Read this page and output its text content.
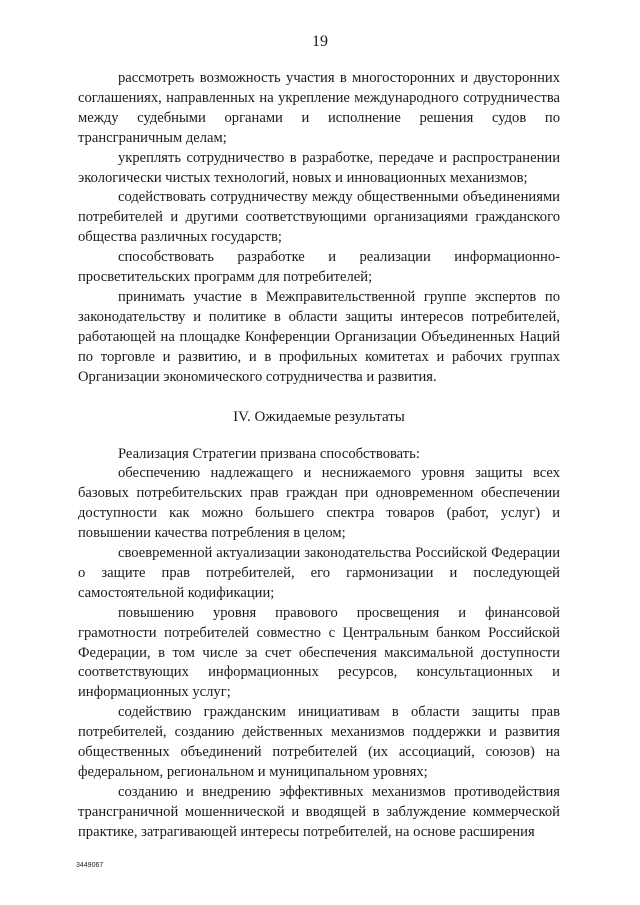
19

рассмотреть возможность участия в многосторонних и двусторонних соглашениях, направленных на укрепление международного сотрудничества между судебными органами и исполнение решения судов по трансграничным делам;

укреплять сотрудничество в разработке, передаче и распространении экологически чистых технологий, новых и инновационных механизмов;

содействовать сотрудничеству между общественными объединениями потребителей и другими соответствующими организациями гражданского общества различных государств;

способствовать разработке и реализации информационно-просветительских программ для потребителей;

принимать участие в Межправительственной группе экспертов по законодательству и политике в области защиты интересов потребителей, работающей на площадке Конференции Организации Объединенных Наций по торговле и развитию, и в профильных комитетах и рабочих группах Организации экономического сотрудничества и развития.

IV. Ожидаемые результаты

Реализация Стратегии призвана способствовать:

обеспечению надлежащего и неснижаемого уровня защиты всех базовых потребительских прав граждан при одновременном обеспечении доступности как можно большего спектра товаров (работ, услуг) и повышении качества потребления в целом;

своевременной актуализации законодательства Российской Федерации о защите прав потребителей, его гармонизации и последующей самостоятельной кодификации;

повышению уровня правового просвещения и финансовой грамотности потребителей совместно с Центральным банком Российской Федерации, в том числе за счет обеспечения максимальной доступности соответствующих информационных ресурсов, консультационных и информационных услуг;

содействию гражданским инициативам в области защиты прав потребителей, созданию действенных механизмов поддержки и развития общественных объединений потребителей (их ассоциаций, союзов) на федеральном, региональном и муниципальном уровнях;

созданию и внедрению эффективных механизмов противодействия трансграничной мошеннической и вводящей в заблуждение коммерческой практике, затрагивающей интересы потребителей, на основе расширения

3449067
